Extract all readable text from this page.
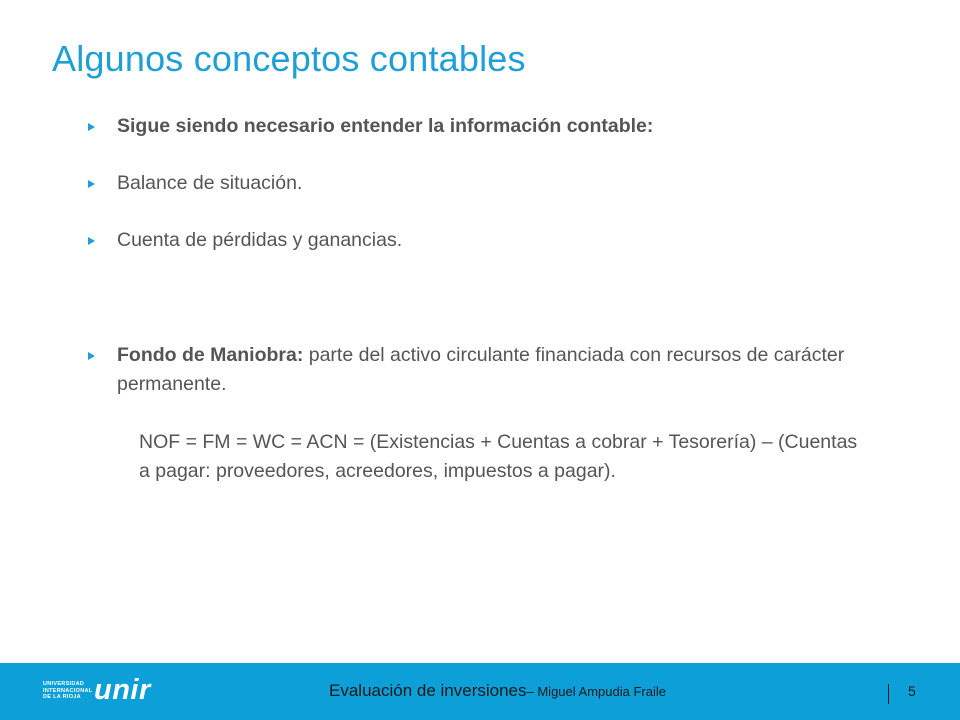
Algunos conceptos contables
Sigue siendo necesario entender la información contable:
Balance de situación.
Cuenta de pérdidas y ganancias.
Fondo de Maniobra: parte del activo circulante financiada con recursos de carácter permanente.
NOF = FM = WC = ACN = (Existencias + Cuentas a cobrar + Tesorería) – (Cuentas a pagar: proveedores, acreedores, impuestos a pagar).
UNIVERSIDAD
INTERNACIONAL
DE LA RIOJA unir	Evaluación de inversiones– Miguel Ampudia Fraile	5
